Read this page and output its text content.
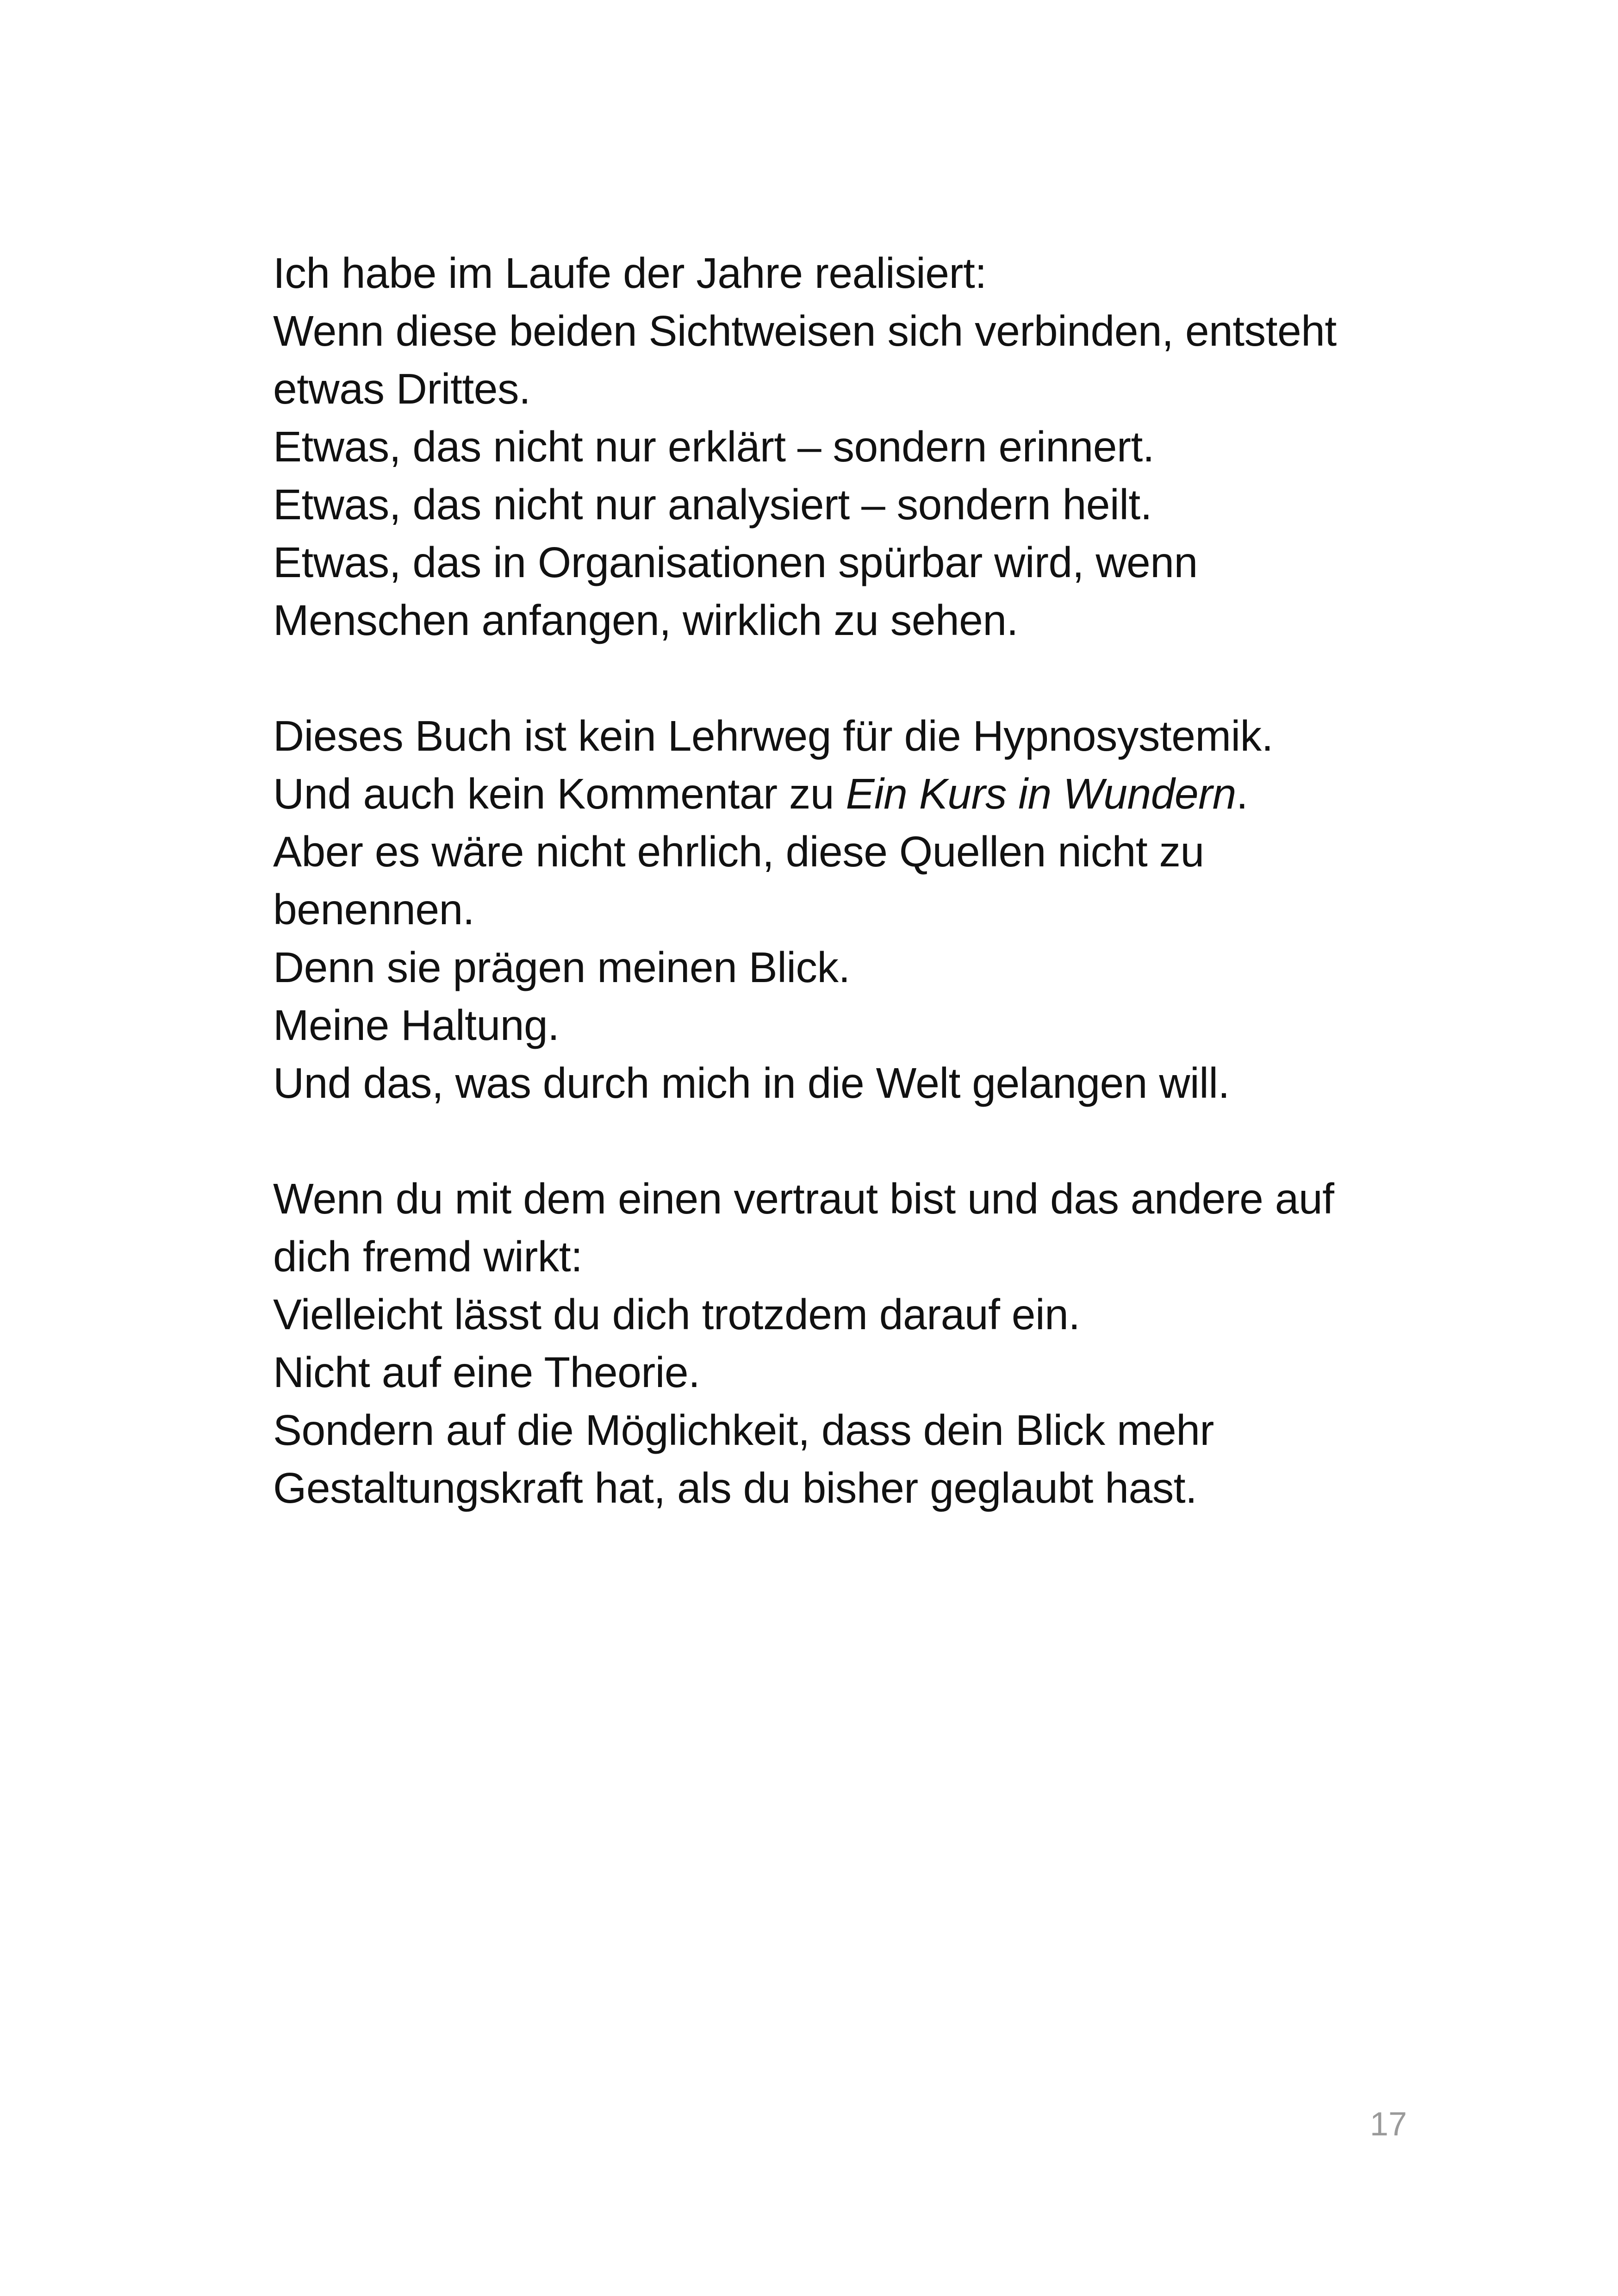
Ich habe im Laufe der Jahre realisiert:
Wenn diese beiden Sichtweisen sich verbinden, entsteht
etwas Drittes.
Etwas, das nicht nur erklärt – sondern erinnert.
Etwas, das nicht nur analysiert – sondern heilt.
Etwas, das in Organisationen spürbar wird, wenn
Menschen anfangen, wirklich zu sehen.

Dieses Buch ist kein Lehrweg für die Hypnosystemik.
Und auch kein Kommentar zu Ein Kurs in Wundern.
Aber es wäre nicht ehrlich, diese Quellen nicht zu
benennen.
Denn sie prägen meinen Blick.
Meine Haltung.
Und das, was durch mich in die Welt gelangen will.

Wenn du mit dem einen vertraut bist und das andere auf
dich fremd wirkt:
Vielleicht lässt du dich trotzdem darauf ein.
Nicht auf eine Theorie.
Sondern auf die Möglichkeit, dass dein Blick mehr
Gestaltungskraft hat, als du bisher geglaubt hast.

17
